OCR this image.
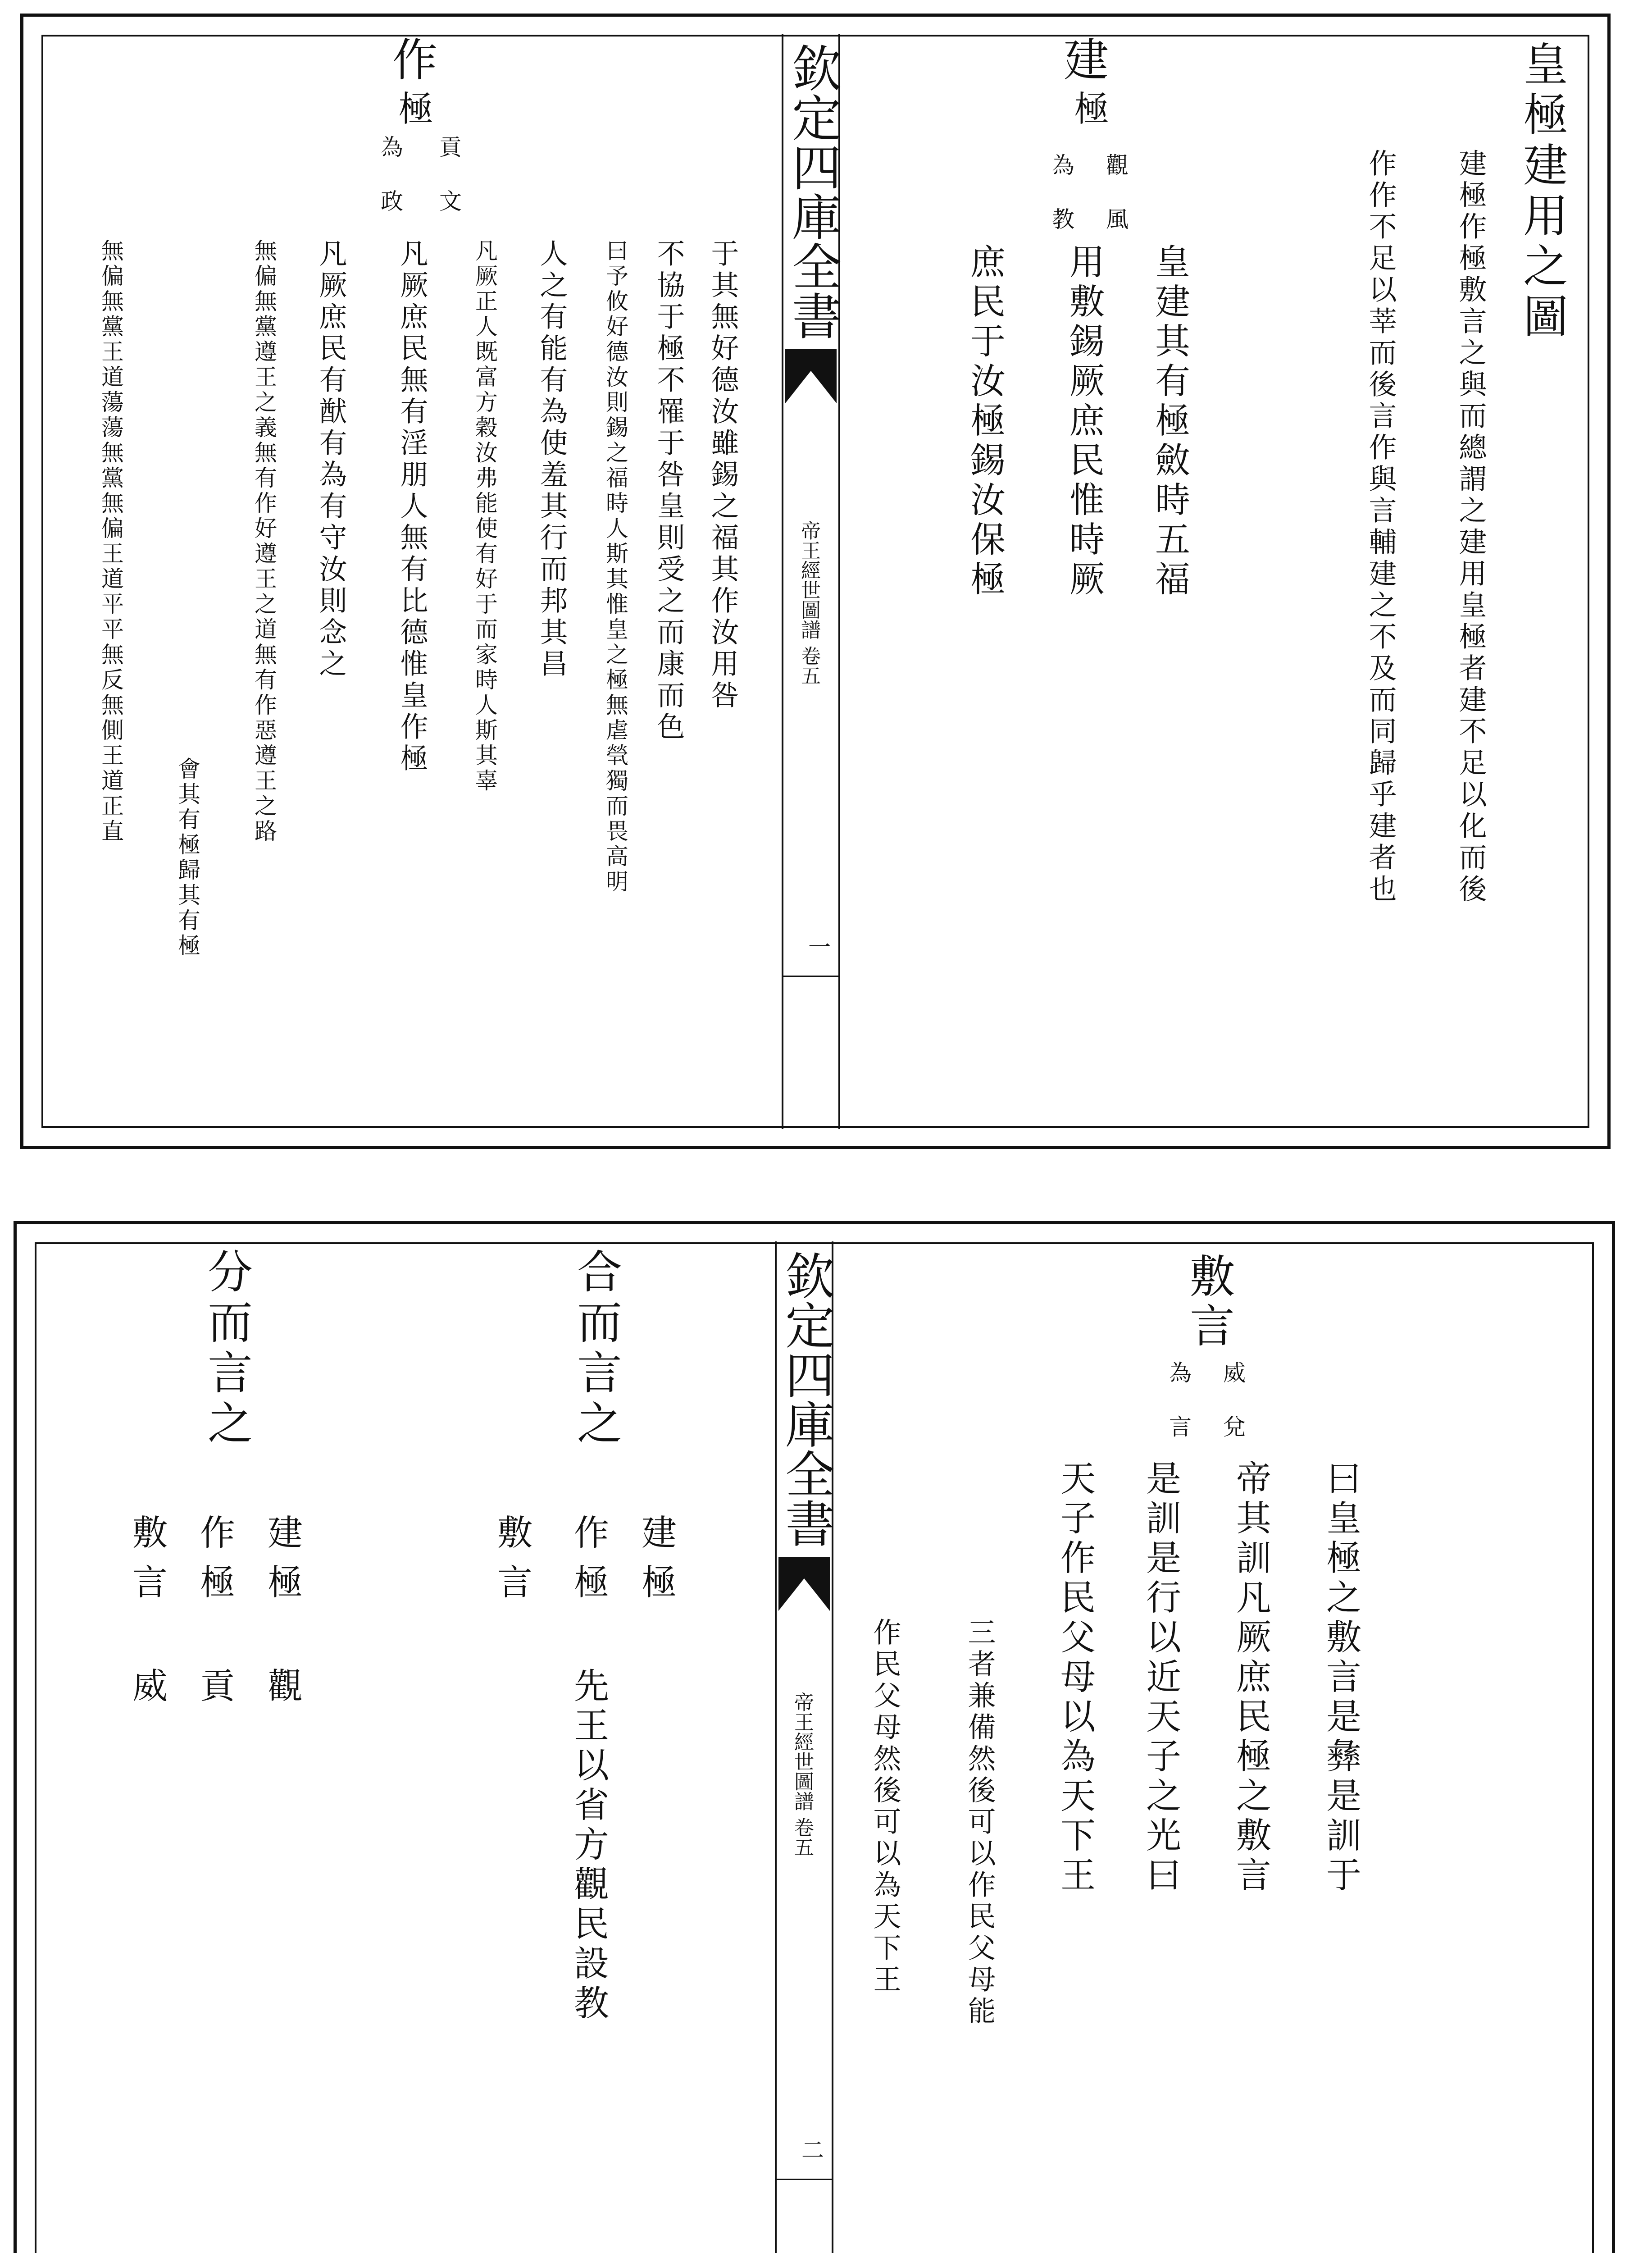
欽定四庫全書
帝王經世圖譜 卷五
一
皇極建用之圖
建極作極敷言之與而總謂之建用皇極者建不足以化而後
作作不足以莘而後言作與言輔建之不及而同歸乎建者也
建
極
觀 風
為 教
皇建其有極斂時五福
用敷錫厥庶民惟時厥
庶民于汝極錫汝保極
作
極
貢 文
為 政
于其無好德汝雖錫之福其作汝用咎
不協于極不罹于咎皇則受之而康而色
曰予攸好德汝則錫之福時人斯其惟皇之極無虐煢獨而畏高明
人之有能有為使羞其行而邦其昌
凡厥正人既富方穀汝弗能使有好于而家時人斯其辜
凡厥庶民無有淫朋人無有比德惟皇作極
凡厥庶民有猷有為有守汝則念之
無偏無黨遵王之義無有作好遵王之道無有作惡遵王之路
會其有極歸其有極
無偏無黨王道蕩蕩無黨無偏王道平平無反無側王道正直
欽定四庫全書
帝王經世圖譜 卷五
二
敷
言
威 兌
為 言
曰皇極之敷言是彝是訓于
帝其訓凡厥庶民極之敷言
是訓是行以近天子之光曰
天子作民父母以為天下王
三者兼備然後可以作民父母能
作民父母然後可以為天下王
合而言之
建
極
作
極
敷
言
先王以省方觀民設教
分而言之
建
極
觀
作
極
貢
敷
言
威
